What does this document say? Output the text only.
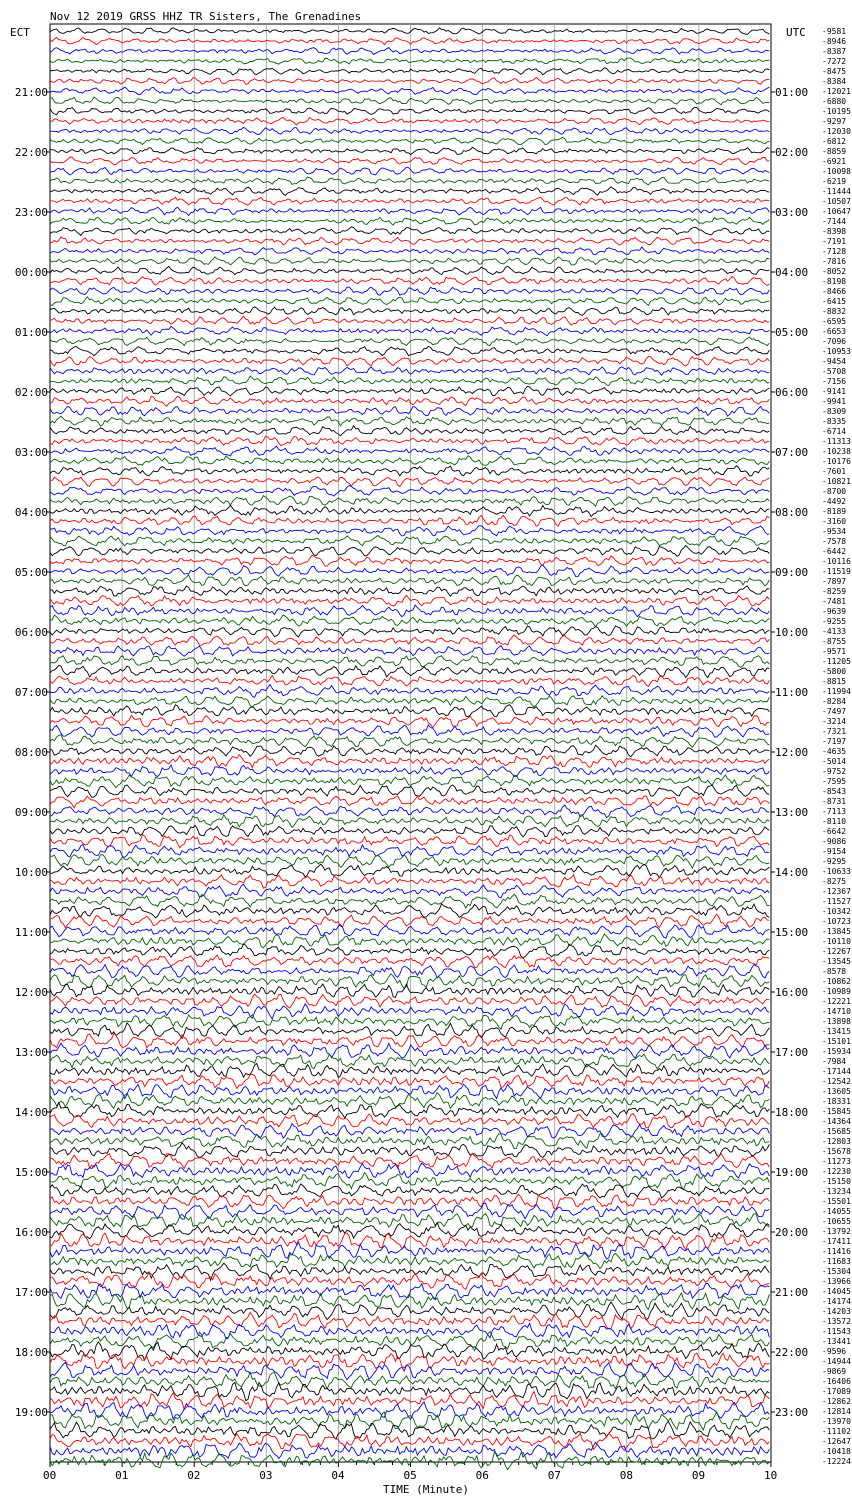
Nov 12 2019 GRSS HHZ TR Sisters, The Grenadines
ECT	UTC
TIME (Minute)
00	01	02	03	04	05	06	07	08	09	10
21:00
22:00
23:00
00:00
01:00
02:00
03:00
04:00
05:00
06:00
07:00
08:00
09:00
10:00
11:00
12:00
13:00
14:00
15:00
16:00
17:00
18:00
19:00
01:00
02:00
03:00
04:00
05:00
06:00
07:00
08:00
09:00
10:00
11:00
12:00
13:00
14:00
15:00
16:00
17:00
18:00
19:00
20:00
21:00
22:00
23:00
-9581
-8946
-8387
-7272
-8475
-8384
-12021
-6880
-10195
-9297
-12030
-6812
-8859
-6921
-10098
-6219
-11444
-10507
-10647
-7144
-8398
-7191
-7128
-7816
-8052
-8198
-8466
-6415
-8832
-6595
-6653
-7096
-10953
-9454
-5708
-7156
-9141
-9941
-8309
-8335
-6714
-11313
-10238
-10176
-7601
-10821
-8700
-4492
-8189
-3160
-9534
-7578
-6442
-10116
-11519
-7897
-8259
-7481
-9639
-9255
-4133
-8755
-9571
-11205
-5800
-8815
-11994
-8284
-7497
-3214
-7321
-7197
-4635
-5014
-9752
-7595
-8543
-8731
-7113
-8110
-6642
-9086
-9154
-9295
-10633
-8275
-12367
-11527
-10342
-10723
-13845
-10110
-12267
-13545
-8578
-10862
-10989
-12221
-14710
-13898
-13415
-15101
-15934
-7984
-17144
-12542
-13605
-18331
-15845
-14364
-15685
-12803
-15678
-11273
-12230
-15150
-13234
-15501
-14055
-10655
-13792
-17411
-11416
-11683
-15304
-13966
-14045
-14174
-14203
-13572
-11543
-13441
-9596
-14944
-9869
-16406
-17089
-12862
-12814
-13970
-11102
-12647
-10418
-12224
